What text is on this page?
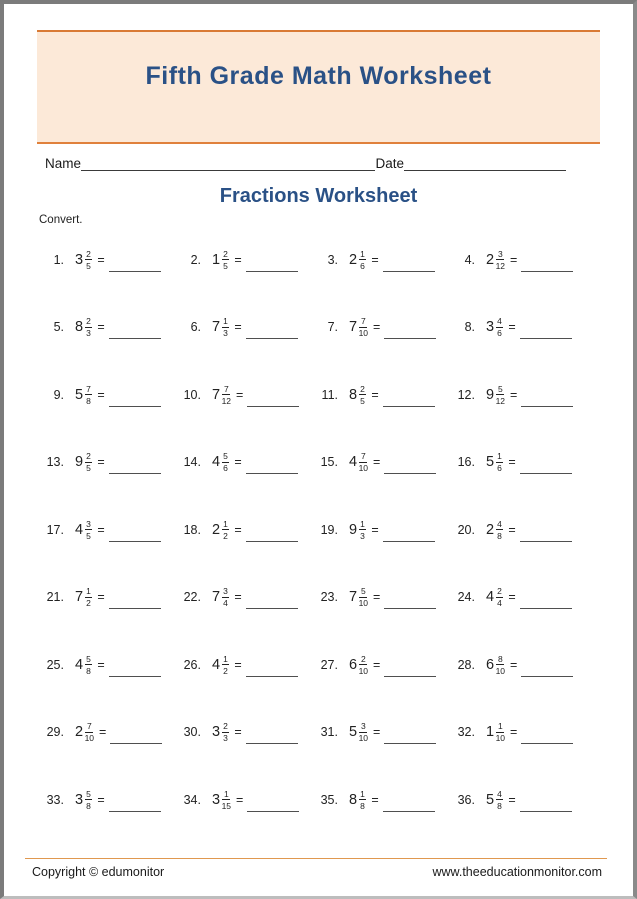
Fifth Grade Math Worksheet
Name	Date
Fractions Worksheet
Convert.
1. $3 \frac{2}{5}$ =	2. $1 \frac{2}{5}$ =	3. $2 \frac{1}{6}$ =	4. $2 \frac{3}{12}$ =
5. $8 \frac{2}{3}$ =	6. $7 \frac{1}{3}$ =	7. $7 \frac{7}{10}$ =	8. $3 \frac{4}{6}$ =
9. $5 \frac{7}{8}$ =	10. $7 \frac{7}{12}$ =	11. $8 \frac{2}{5}$ =	12. $9 \frac{5}{12}$ =
13. $9 \frac{2}{5}$ =	14. $4 \frac{5}{6}$ =	15. $4 \frac{7}{10}$ =	16. $5 \frac{1}{6}$ =
17. $4 \frac{3}{5}$ =	18. $2 \frac{1}{2}$ =	19. $9 \frac{1}{3}$ =	20. $2 \frac{4}{8}$ =
21. $7 \frac{1}{2}$ =	22. $7 \frac{3}{4}$ =	23. $7 \frac{5}{10}$ =	24. $4 \frac{2}{4}$ =
25. $4 \frac{5}{8}$ =	26. $4 \frac{1}{2}$ =	27. $6 \frac{2}{10}$ =	28. $6 \frac{8}{10}$ =
29. $2 \frac{7}{10}$ =	30. $3 \frac{2}{3}$ =	31. $5 \frac{3}{10}$ =	32. $1 \frac{1}{10}$ =
33. $3 \frac{5}{8}$ =	34. $3 \frac{1}{15}$ =	35. $8 \frac{1}{8}$ =	36. $5 \frac{4}{8}$ =
Copyright © edumonitor	www.theeducationmonitor.com
